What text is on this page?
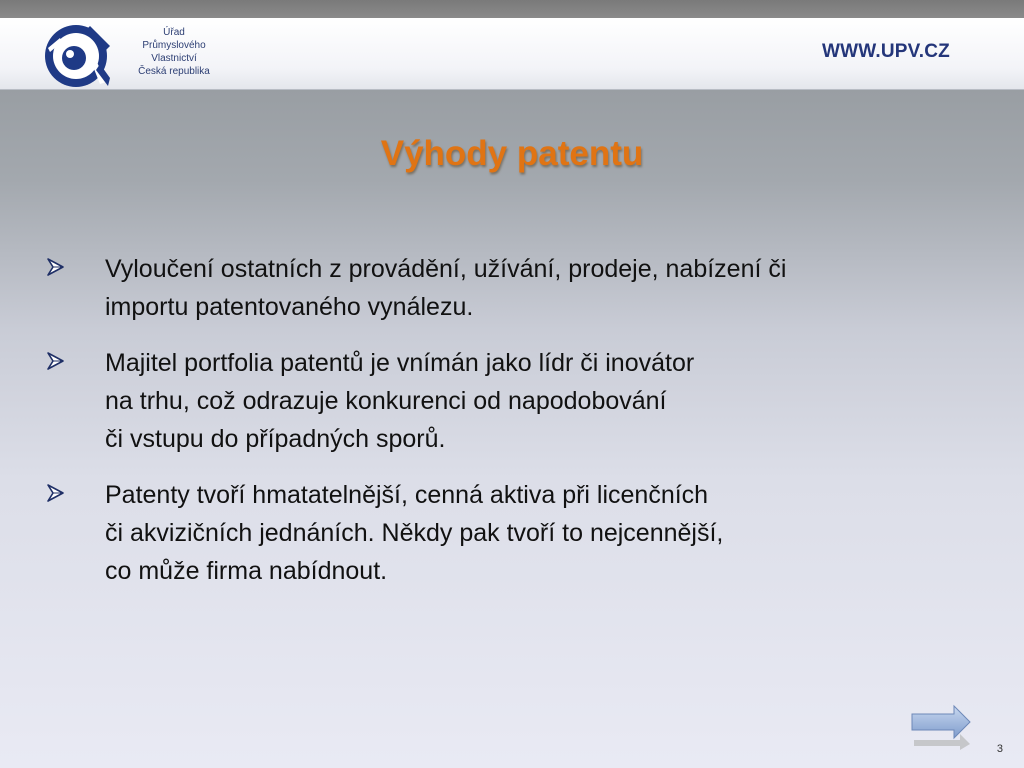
Úřad
Průmyslového
Vlastnictví
Česká republika
WWW.UPV.CZ
Výhody patentu
Vyloučení ostatních z provádění, užívání, prodeje, nabízení či
importu patentovaného vynálezu.
Majitel portfolia patentů je vnímán jako lídr či inovátor
na trhu, což odrazuje konkurenci od napodobování
či vstupu do případných sporů.
Patenty tvoří hmatatelnější, cenná aktiva při licenčních
či akvizičních jednáních. Někdy pak tvoří to nejcennější,
co může firma nabídnout.
3
